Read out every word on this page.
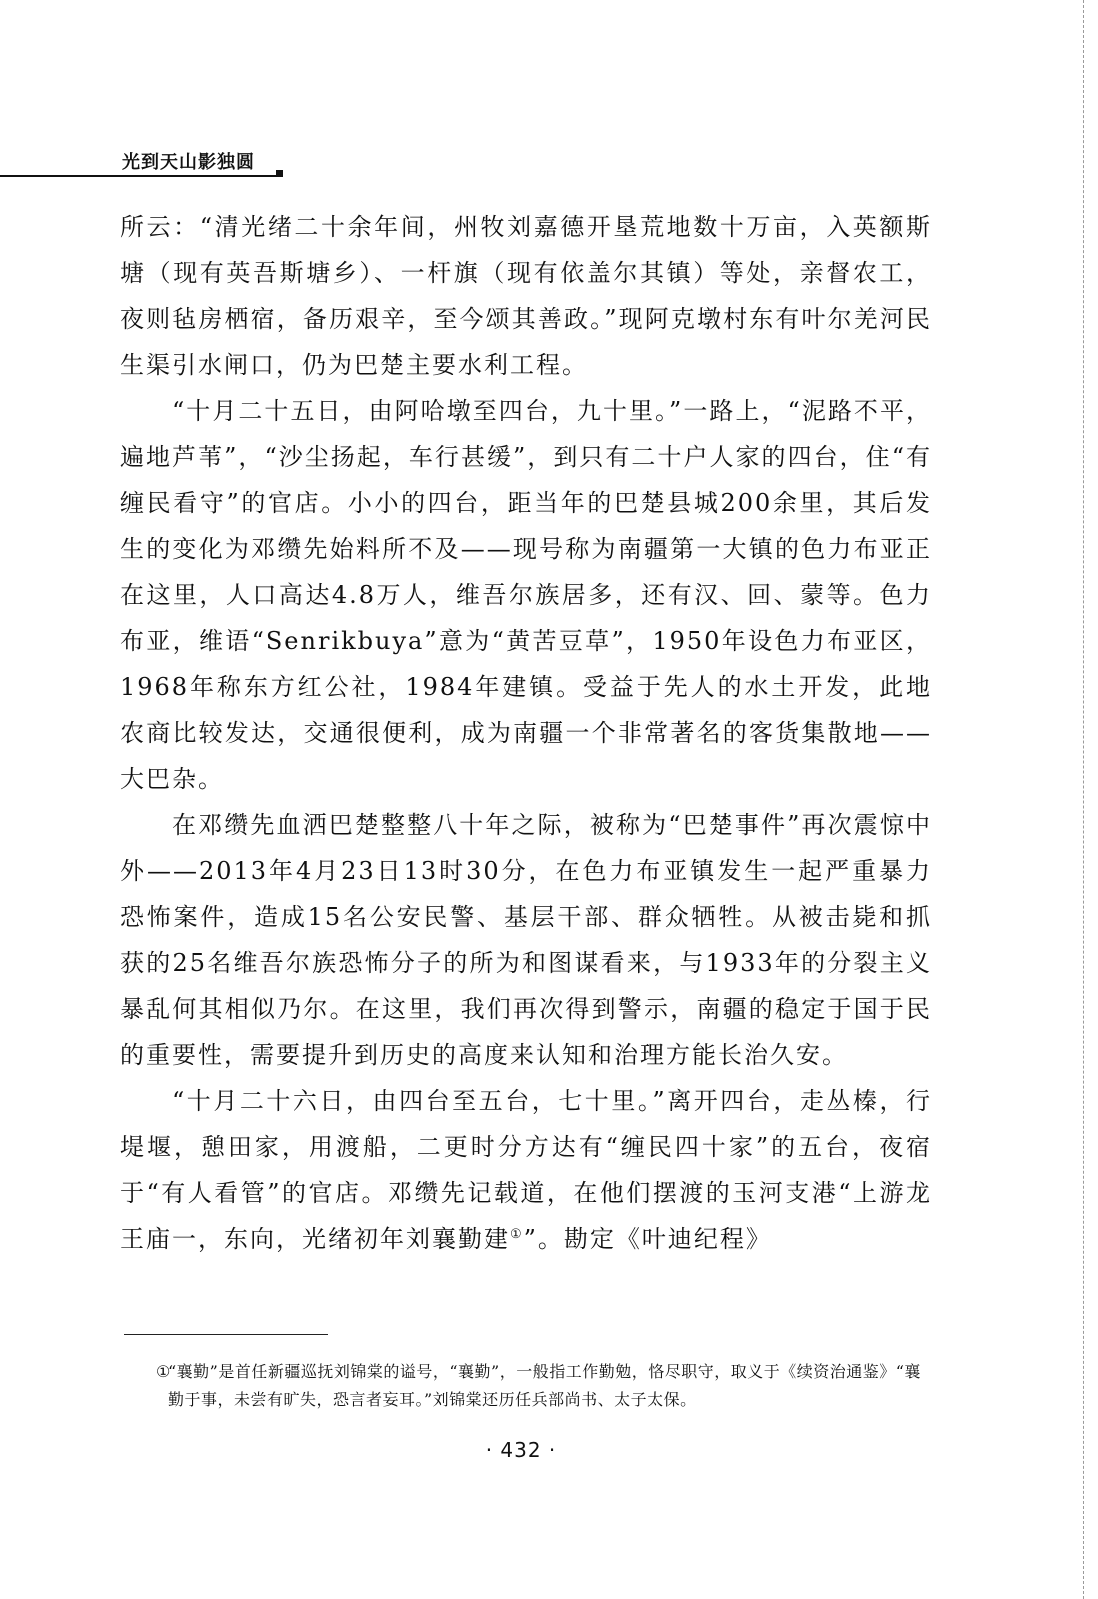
光到天山影独圆

所云：“清光绪二十余年间，州牧刘嘉德开垦荒地数十万亩，入英额斯塘（现有英吾斯塘乡）、一杆旗（现有依盖尔其镇）等处，亲督农工，夜则毡房栖宿，备历艰辛，至今颂其善政。”现阿克墩村东有叶尔羌河民生渠引水闸口，仍为巴楚主要水利工程。

“十月二十五日，由阿哈墩至四台，九十里。”一路上，“泥路不平，遍地芦苇”，“沙尘扬起，车行甚缓”，到只有二十户人家的四台，住“有缠民看守”的官店。小小的四台，距当年的巴楚县城200余里，其后发生的变化为邓缵先始料所不及——现号称为南疆第一大镇的色力布亚正在这里，人口高达4.8万人，维吾尔族居多，还有汉、回、蒙等。色力布亚，维语“Senrikbuya”意为“黄苦豆草”，1950年设色力布亚区，1968年称东方红公社，1984年建镇。受益于先人的水土开发，此地农商比较发达，交通很便利，成为南疆一个非常著名的客货集散地——大巴杂。

在邓缵先血洒巴楚整整八十年之际，被称为“巴楚事件”再次震惊中外——2013年4月23日13时30分，在色力布亚镇发生一起严重暴力恐怖案件，造成15名公安民警、基层干部、群众牺牲。从被击毙和抓获的25名维吾尔族恐怖分子的所为和图谋看来，与1933年的分裂主义暴乱何其相似乃尔。在这里，我们再次得到警示，南疆的稳定于国于民的重要性，需要提升到历史的高度来认知和治理方能长治久安。

“十月二十六日，由四台至五台，七十里。”离开四台，走丛榛，行堤堰，憩田家，用渡船，二更时分方达有“缠民四十家”的五台，夜宿于“有人看管”的官店。邓缵先记载道，在他们摆渡的玉河支港“上游龙王庙一，东向，光绪初年刘襄勤建①”。勘定《叶迪纪程》

①
“襄勤”是首任新疆巡抚刘锦棠的谥号，“襄勤”，一般指工作勤勉，恪尽职守，取义于《续资治通鉴》“襄勤于事，未尝有旷失，恐言者妄耳。”刘锦棠还历任兵部尚书、太子太保。
· 432 ·
